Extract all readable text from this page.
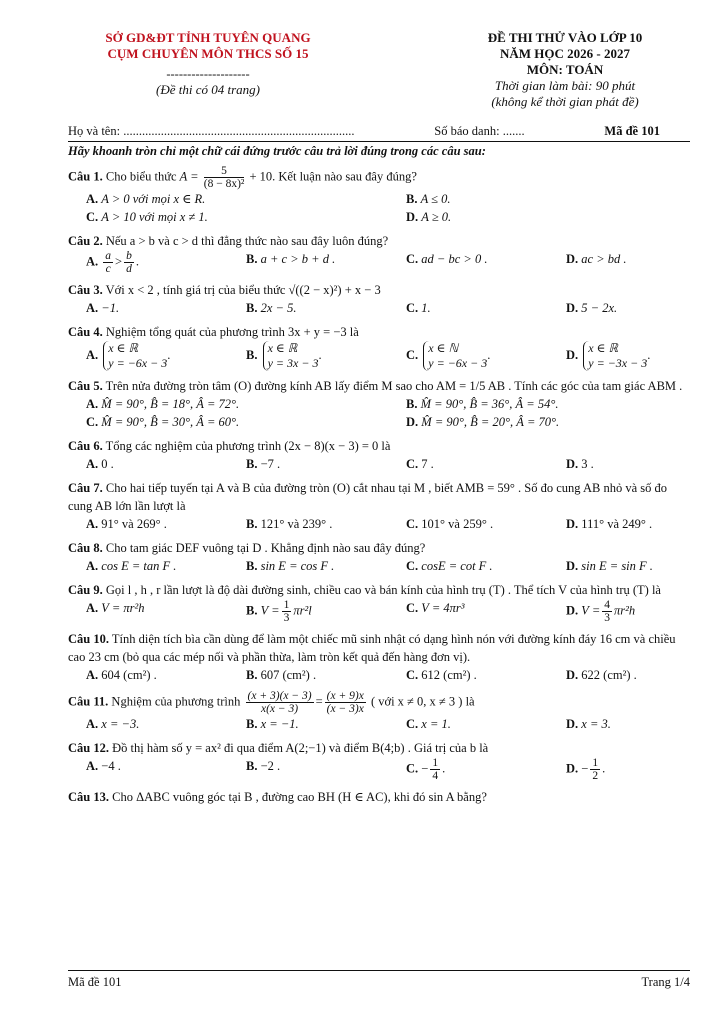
SỞ GD&ĐT TỈNH TUYÊN QUANG
CỤM CHUYÊN MÔN THCS SỐ 15
--------------------
(Đề thi có 04 trang)
ĐỀ THI THỬ VÀO LỚP 10
NĂM HỌC 2026 - 2027
MÔN: TOÁN
Thời gian làm bài: 90 phút
(không kể thời gian phát đề)
Họ và tên: ..........................................................................	Số báo danh: .......	Mã đề 101
Hãy khoanh tròn chỉ một chữ cái đứng trước câu trả lời đúng trong các câu sau:
Câu 1. Cho biểu thức $A = \frac{5}{\text{(8 − 8x)²}} + 10$. Kết luận nào sau đây đúng?
A. A > 0 với mọi x ∈ R.	B. A ≤ 0.
C. A > 10 với mọi x ≠ 1.	D. A ≥ 0.
Câu 2. Nếu a > b và c > d thì đẳng thức nào sau đây luôn đúng?
A. $\frac{a}{c} > \frac{b}{d}$ .	B. a + c > b + d .	C. ad − bc > 0 .	D. ac > bd .
Câu 3. Với x < 2 , tính giá trị của biểu thức √((2 − x)²) + x − 3
A. −1.	B. 2x − 5.	C. 1.	D. 5 − 2x.
Câu 4. Nghiệm tổng quát của phương trình 3x + y = −3 là
A. x ∈ ℝ
y = −6x − 3.	B. x ∈ ℝ
y = 3x − 3.	C. x ∈ ℕ
y = −6x − 3.	D. x ∈ ℝ
y = −3x − 3.
Câu 5. Trên nửa đường tròn tâm (O) đường kính AB lấy điểm M sao cho AM = 1/5 AB . Tính các góc của tam giác ABM .
A. M̂ = 90°, B̂ = 18°, Â = 72°.	B. M̂ = 90°, B̂ = 36°, Â = 54°.
C. M̂ = 90°, B̂ = 30°, Â = 60°.	D. M̂ = 90°, B̂ = 20°, Â = 70°.
Câu 6. Tổng các nghiệm của phương trình (2x − 8)(x − 3) = 0 là
A. 0 .	B. −7 .	C. 7 .	D. 3 .
Câu 7. Cho hai tiếp tuyến tại A và B của đường tròn (O) cắt nhau tại M , biết AMB = 59° . Số đo cung AB nhỏ và số đo cung AB lớn lần lượt là
A. 91° và 269° .	B. 121° và 239° .	C. 101° và 259° .	D. 111° và 249° .
Câu 8. Cho tam giác DEF vuông tại D . Khẳng định nào sau đây đúng?
A. cos E = tan F .	B. sin E = cos F .	C. cosE = cot F .	D. sin E = sin F .
Câu 9. Gọi l , h , r lần lượt là độ dài đường sinh, chiều cao và bán kính của hình trụ (T) . Thể tích V của hình trụ (T) là
A. V = πr²h	B. $V = \frac{1}{3} \pi r^2l$	C. V = 4πr³	D. $V = \frac{4}{3} \pi r^2h$
Câu 10. Tính diện tích bìa cần dùng để làm một chiếc mũ sinh nhật có dạng hình nón với đường kính đáy 16 cm và chiều cao 23 cm (bỏ qua các mép nối và phần thừa, làm tròn kết quả đến hàng đơn vị).
A. 604 (cm²) .	B. 607 (cm²) .	C. 612 (cm²) .	D. 622 (cm²) .
Câu 11. Nghiệm của phương trình $\frac{(x + 3)(x - 3)}{x(x - 3)} = \frac{(x + 9)x}{(x - 3)x}$ ( với x ≠ 0, x ≠ 3 ) là
A. x = −3.	B. x = −1.	C. x = 1.	D. x = 3.
Câu 12. Đồ thị hàm số y = ax² đi qua điểm A(2;−1) và điểm B(4;b) . Giá trị của b là
A. −4 .	B. −2 .	C. − $\frac{1}{4}$ .	D. − $\frac{1}{2}$ .
Câu 13. Cho ΔABC vuông góc tại B , đường cao BH (H ∈ AC), khi đó sin A bằng?
Mã đề 101	Trang 1/4
